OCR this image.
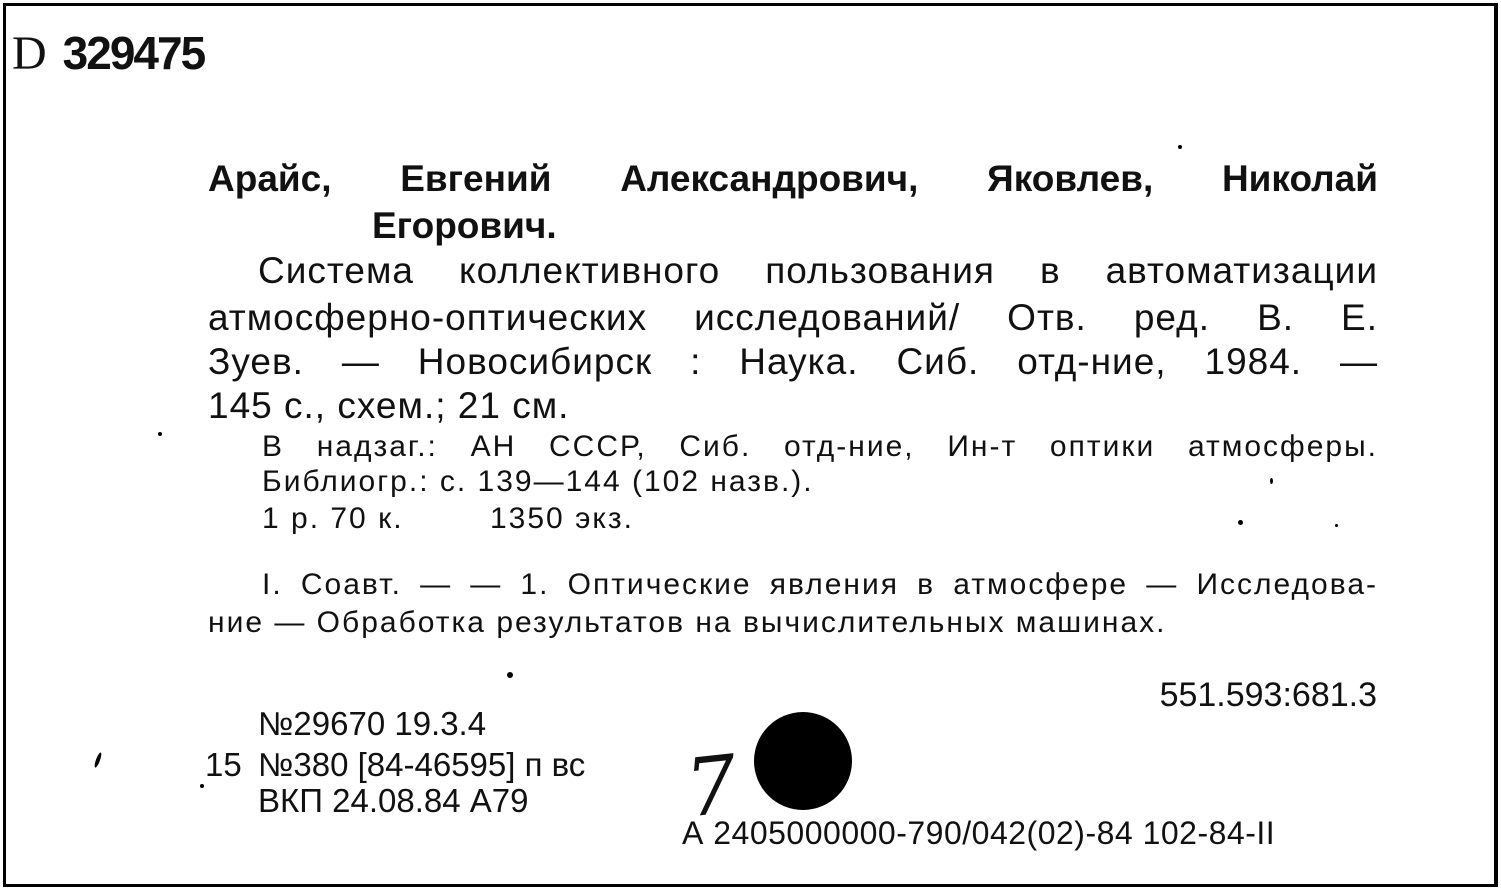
D 329475
Арайс, Евгений Александрович, Яковлев, Николай
Егорович.
Система коллективного пользования в автоматизации
атмосферно-оптических исследований/ Отв. ред. В. Е.
Зуев. — Новосибирск : Наука. Сиб. отд-ние, 1984. —
145 с., схем.; 21 см.
В надзаг.: АН СССР, Сиб. отд-ние, Ин-т оптики атмосферы.
Библиогр.: с. 139—144 (102 назв.).
1 р. 70 к.	1350 экз.
I. Соавт. — — 1. Оптические явления в атмосфере — Исследова-
ние — Обработка результатов на вычислительных машинах.
551.593:681.3
№29670 19.3.4
15 №380 [84-46595] п вс
ВКП 24.08.84 А79 7
А 2405000000-790/042(02)-84 102-84-II
